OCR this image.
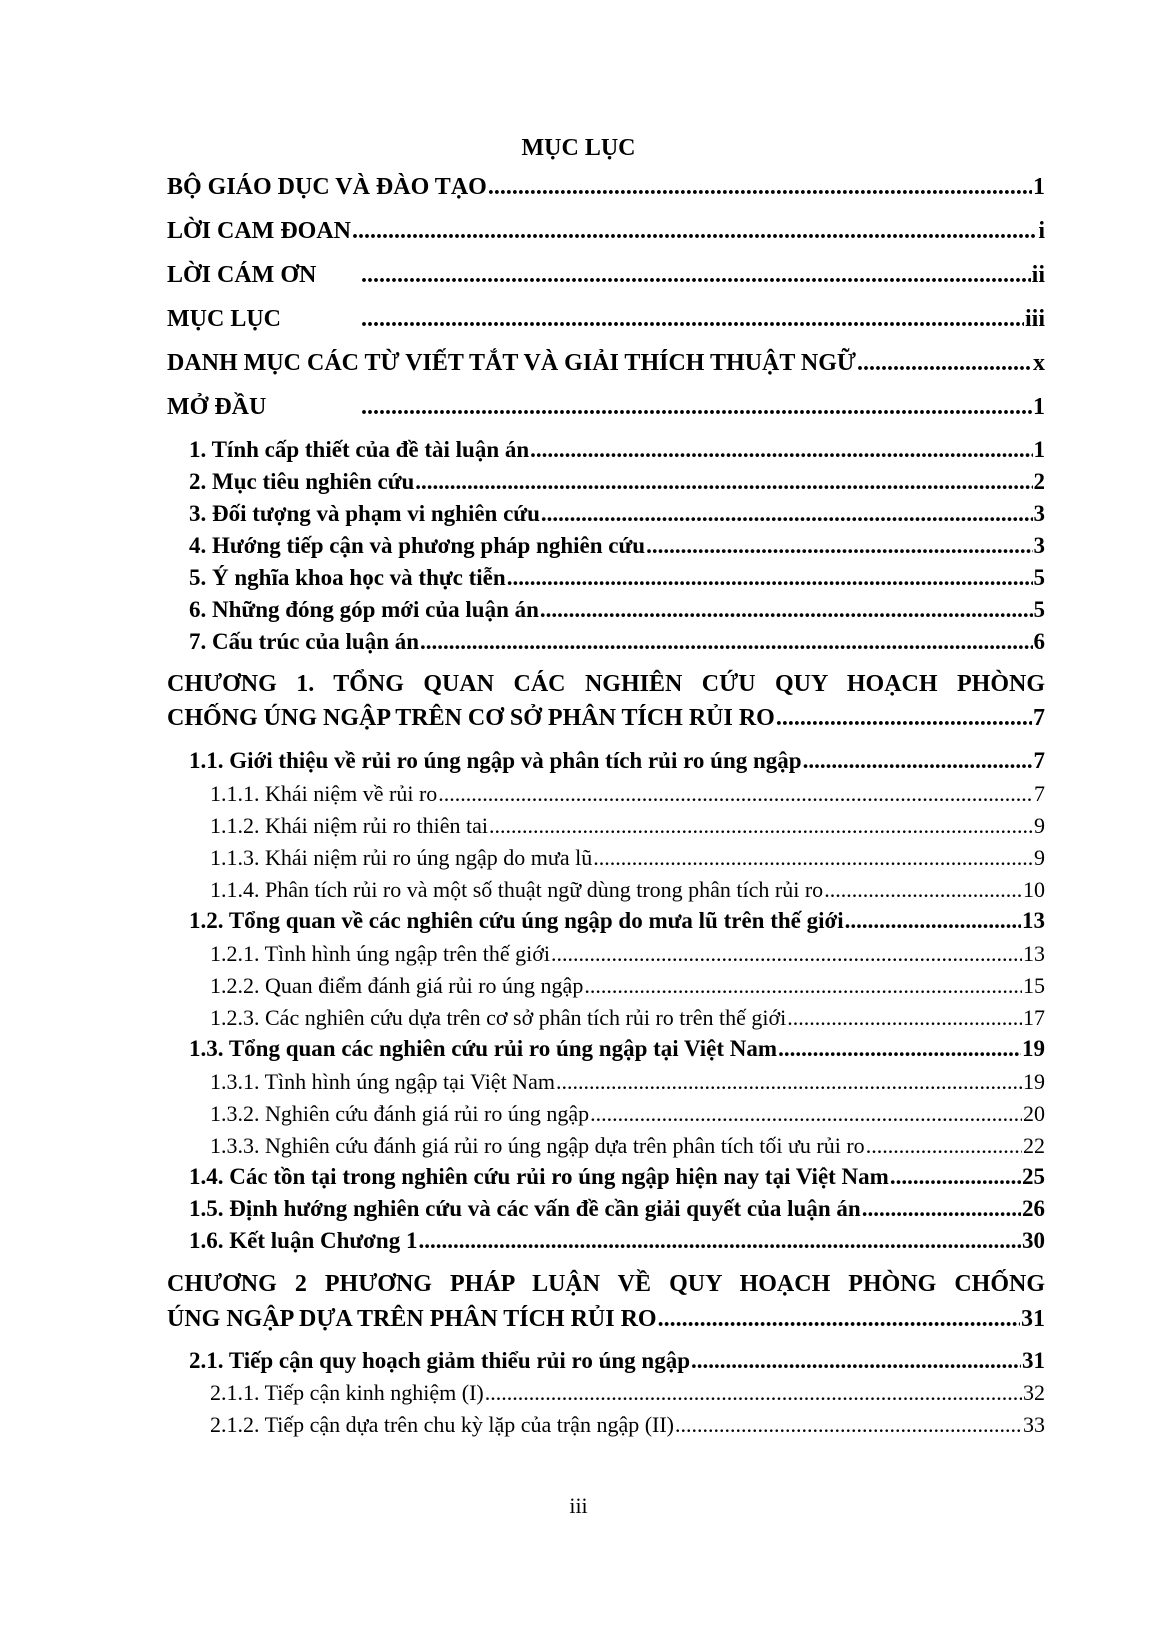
MỤC LỤC
BỘ GIÁO DỤC VÀ ĐÀO TẠO .....	1
LỜI CAM ĐOAN .....	i
LỜI CÁM ƠN .....	ii
MỤC LỤC .....	iii
DANH MỤC CÁC TỪ VIẾT TẮT VÀ GIẢI THÍCH THUẬT NGỮ .....	x
MỞ ĐẦU .....	1
1. Tính cấp thiết của đề tài luận án .....	1
2. Mục tiêu nghiên cứu .....	2
3. Đối tượng và phạm vi nghiên cứu .....	3
4. Hướng tiếp cận và phương pháp nghiên cứu .....	3
5. Ý nghĩa khoa học và thực tiễn .....	5
6. Những đóng góp mới của luận án .....	5
7. Cấu trúc của luận án .....	6
CHƯƠNG 1. TỔNG QUAN CÁC NGHIÊN CỨU QUY HOẠCH PHÒNG
CHỐNG ÚNG NGẬP TRÊN CƠ SỞ PHÂN TÍCH RỦI RO .....	7
1.1. Giới thiệu về rủi ro úng ngập và phân tích rủi ro úng ngập .....	7
1.1.1. Khái niệm về rủi ro .....	7
1.1.2. Khái niệm rủi ro thiên tai .....	9
1.1.3. Khái niệm rủi ro úng ngập do mưa lũ .....	9
1.1.4. Phân tích rủi ro và một số thuật ngữ dùng trong phân tích rủi ro .....	10
1.2. Tổng quan về các nghiên cứu úng ngập do mưa lũ trên thế giới .....	13
1.2.1. Tình hình úng ngập trên thế giới .....	13
1.2.2. Quan điểm đánh giá rủi ro úng ngập .....	15
1.2.3. Các nghiên cứu dựa trên cơ sở phân tích rủi ro trên thế giới .....	17
1.3. Tổng quan các nghiên cứu rủi ro úng ngập tại Việt Nam .....	19
1.3.1. Tình hình úng ngập tại Việt Nam .....	19
1.3.2. Nghiên cứu đánh giá rủi ro úng ngập .....	20
1.3.3. Nghiên cứu đánh giá rủi ro úng ngập dựa trên phân tích tối ưu rủi ro .....	22
1.4. Các tồn tại trong nghiên cứu rủi ro úng ngập hiện nay tại Việt Nam .....	25
1.5. Định hướng nghiên cứu và các vấn đề cần giải quyết của luận án .....	26
1.6. Kết luận Chương 1 .....	30
CHƯƠNG 2 PHƯƠNG PHÁP LUẬN VỀ QUY HOẠCH PHÒNG CHỐNG
ÚNG NGẬP DỰA TRÊN PHÂN TÍCH RỦI RO .....	31
2.1. Tiếp cận quy hoạch giảm thiểu rủi ro úng ngập .....	31
2.1.1. Tiếp cận kinh nghiệm (I) .....	32
2.1.2. Tiếp cận dựa trên chu kỳ lặp của trận ngập (II) .....	33
iii
